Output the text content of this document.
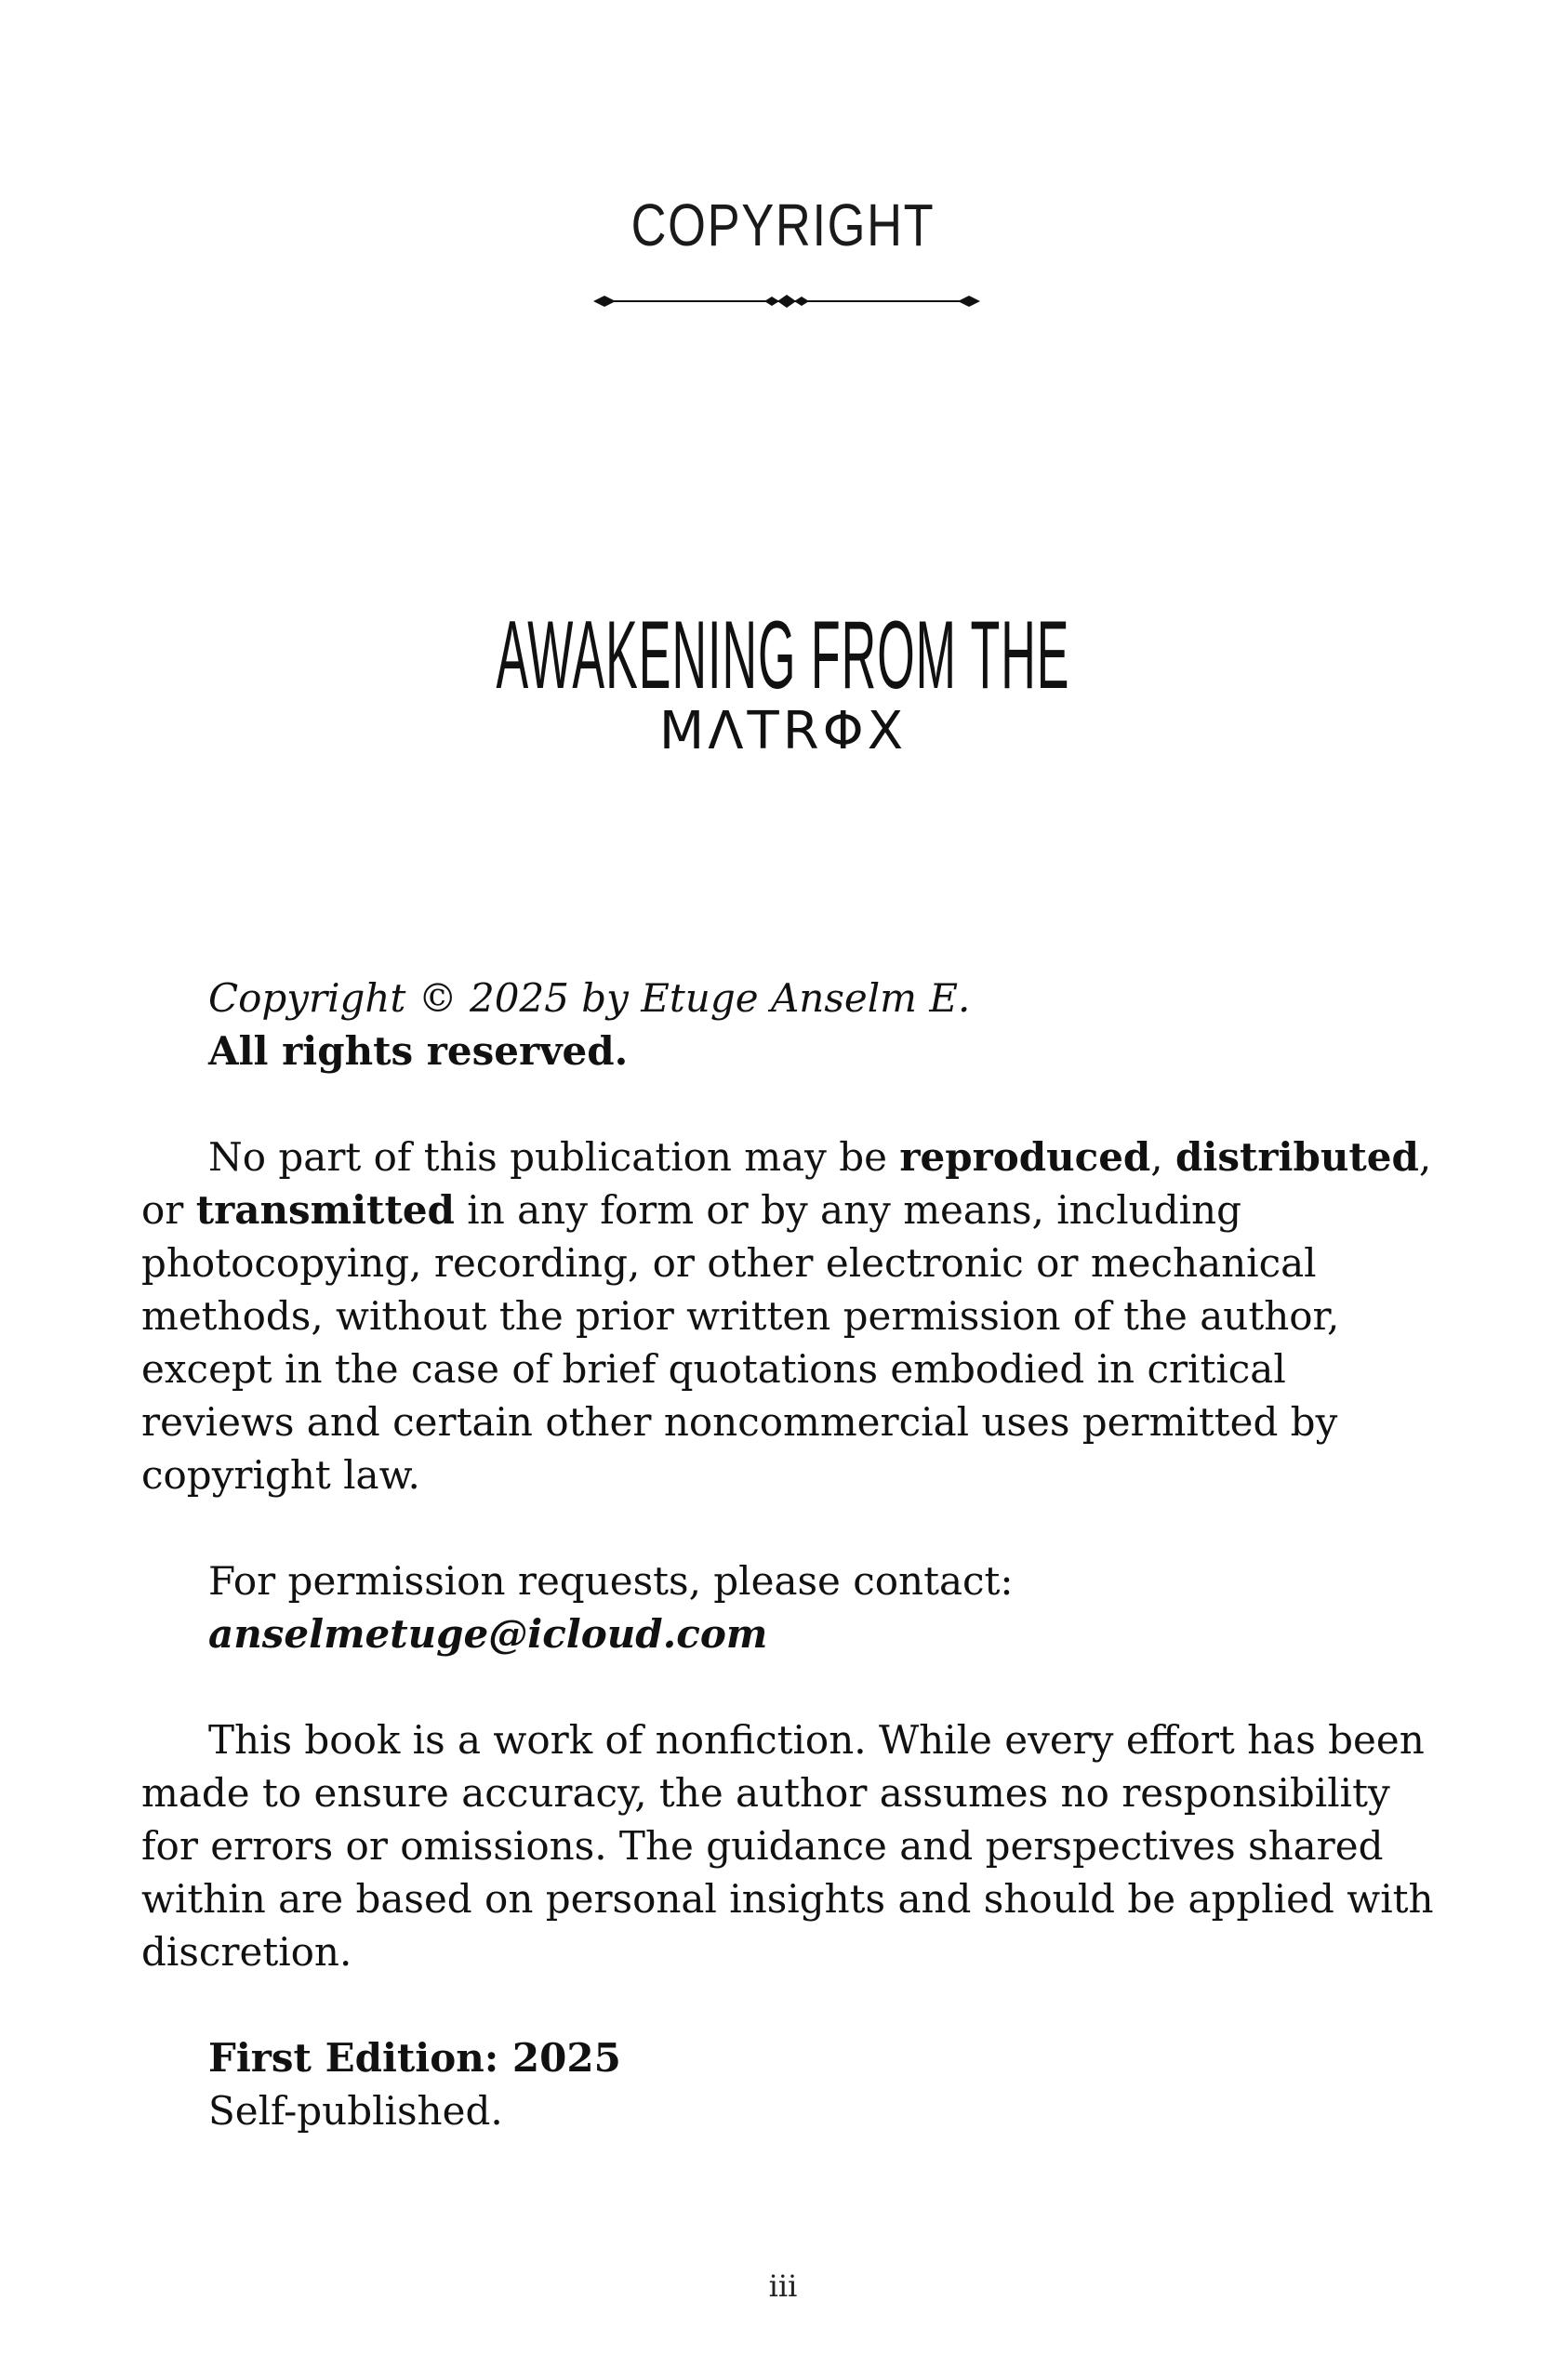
COPYRIGHT
AWAKENING FROM THE
MΛTRΦX

Copyright © 2025 by Etuge Anselm E.

All rights reserved.

No part of this publication may be reproduced, distributed, or transmitted in any form or by any means, including photocopying, recording, or other electronic or mechanical methods, without the prior written permission of the author, except in the case of brief quotations embodied in critical reviews and certain other noncommercial uses permitted by copyright law.

For permission requests, please contact:

anselmetuge@icloud.com

This book is a work of nonfiction. While every effort has been made to ensure accuracy, the author assumes no responsibility for errors or omissions. The guidance and perspectives shared within are based on personal insights and should be applied with discretion.

First Edition: 2025

Self-published.

iii
